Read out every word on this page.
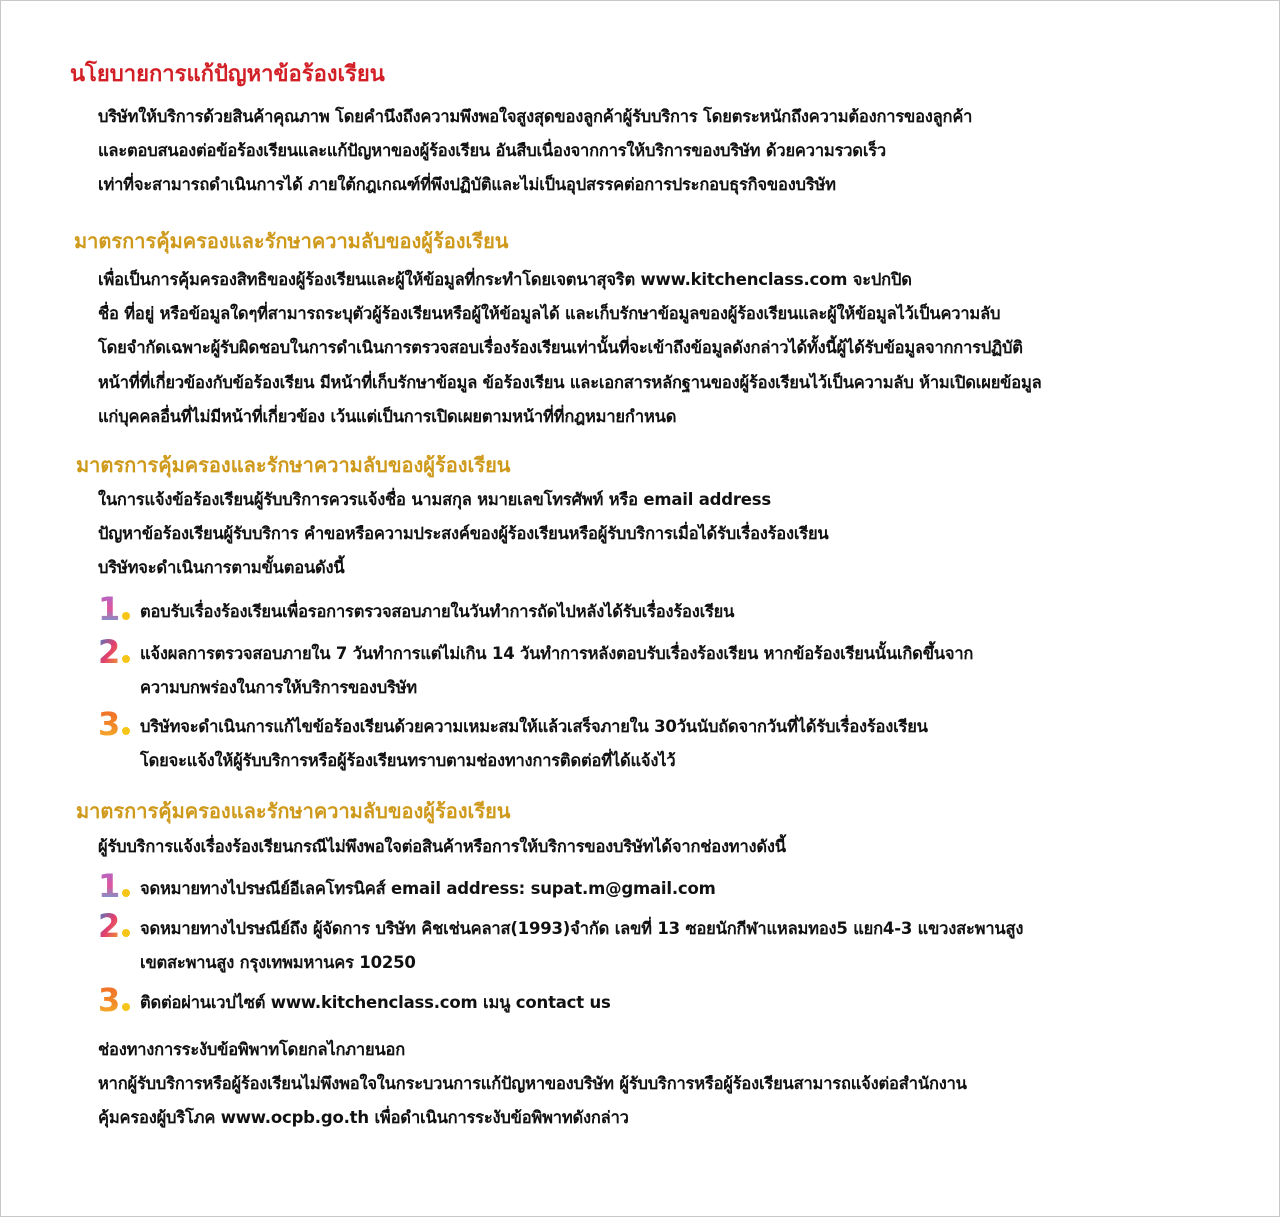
นโยบายการแก้ปัญหาข้อร้องเรียน
บริษัทให้บริการด้วยสินค้าคุณภาพ โดยคำนึงถึงความพึงพอใจสูงสุดของลูกค้าผู้รับบริการ โดยตระหนักถึงความต้องการของลูกค้า
และตอบสนองต่อข้อร้องเรียนและแก้ปัญหาของผู้ร้องเรียน อันสืบเนื่องจากการให้บริการของบริษัท ด้วยความรวดเร็ว
เท่าที่จะสามารถดำเนินการได้ ภายใต้กฎเกณฑ์ที่พึงปฏิบัติและไม่เป็นอุปสรรคต่อการประกอบธุรกิจของบริษัท
มาตรการคุ้มครองและรักษาความลับของผู้ร้องเรียน
เพื่อเป็นการคุ้มครองสิทธิของผู้ร้องเรียนและผู้ให้ข้อมูลที่กระทำโดยเจตนาสุจริต www.kitchenclass.com จะปกปิด
ชื่อ ที่อยู่ หรือข้อมูลใดๆที่สามารถระบุตัวผู้ร้องเรียนหรือผู้ให้ข้อมูลได้ และเก็บรักษาข้อมูลของผู้ร้องเรียนและผู้ให้ข้อมูลไว้เป็นความลับ
โดยจำกัดเฉพาะผู้รับผิดชอบในการดำเนินการตรวจสอบเรื่องร้องเรียนเท่านั้นที่จะเข้าถึงข้อมูลดังกล่าวได้ทั้งนี้ผู้ได้รับข้อมูลจากการปฏิบัติ
หน้าที่ที่เกี่ยวข้องกับข้อร้องเรียน มีหน้าที่เก็บรักษาข้อมูล ข้อร้องเรียน และเอกสารหลักฐานของผู้ร้องเรียนไว้เป็นความลับ ห้ามเปิดเผยข้อมูล
แก่บุคคลอื่นที่ไม่มีหน้าที่เกี่ยวข้อง เว้นแต่เป็นการเปิดเผยตามหน้าที่ที่กฎหมายกำหนด
มาตรการคุ้มครองและรักษาความลับของผู้ร้องเรียน
ในการแจ้งข้อร้องเรียนผู้รับบริการควรแจ้งชื่อ นามสกุล หมายเลขโทรศัพท์ หรือ email address
ปัญหาข้อร้องเรียนผู้รับบริการ คำขอหรือความประสงค์ของผู้ร้องเรียนหรือผู้รับบริการเมื่อได้รับเรื่องร้องเรียน
บริษัทจะดำเนินการตามขั้นตอนดังนี้
1 ตอบรับเรื่องร้องเรียนเพื่อรอการตรวจสอบภายในวันทำการถัดไปหลังได้รับเรื่องร้องเรียน
2 แจ้งผลการตรวจสอบภายใน 7 วันทำการแต่ไม่เกิน 14 วันทำการหลังตอบรับเรื่องร้องเรียน หากข้อร้องเรียนนั้นเกิดขึ้นจาก
ความบกพร่องในการให้บริการของบริษัท
3 บริษัทจะดำเนินการแก้ไขข้อร้องเรียนด้วยความเหมะสมให้แล้วเสร็จภายใน 30วันนับถัดจากวันที่ได้รับเรื่องร้องเรียน
โดยจะแจ้งให้ผู้รับบริการหรือผู้ร้องเรียนทราบตามช่องทางการติดต่อที่ได้แจ้งไว้
มาตรการคุ้มครองและรักษาความลับของผู้ร้องเรียน
ผู้รับบริการแจ้งเรื่องร้องเรียนกรณีไม่พึงพอใจต่อสินค้าหรือการให้บริการของบริษัทได้จากช่องทางดังนี้
1 จดหมายทางไปรษณีย์อีเลคโทรนิคส์ email address: supat.m@gmail.com
2 จดหมายทางไปรษณีย์ถึง ผู้จัดการ บริษัท คิชเช่นคลาส(1993)จำกัด เลขที่ 13 ซอยนักกีฬาแหลมทอง5 แยก4-3 แขวงสะพานสูง
เขตสะพานสูง กรุงเทพมหานคร 10250
3 ติดต่อผ่านเวปไซต์ www.kitchenclass.com เมนู contact us
ช่องทางการระงับข้อพิพาทโดยกลไกภายนอก
หากผู้รับบริการหรือผู้ร้องเรียนไม่พึงพอใจในกระบวนการแก้ปัญหาของบริษัท ผู้รับบริการหรือผู้ร้องเรียนสามารถแจ้งต่อสำนักงาน
คุ้มครองผู้บริโภค www.ocpb.go.th เพื่อดำเนินการระงับข้อพิพาทดังกล่าว
